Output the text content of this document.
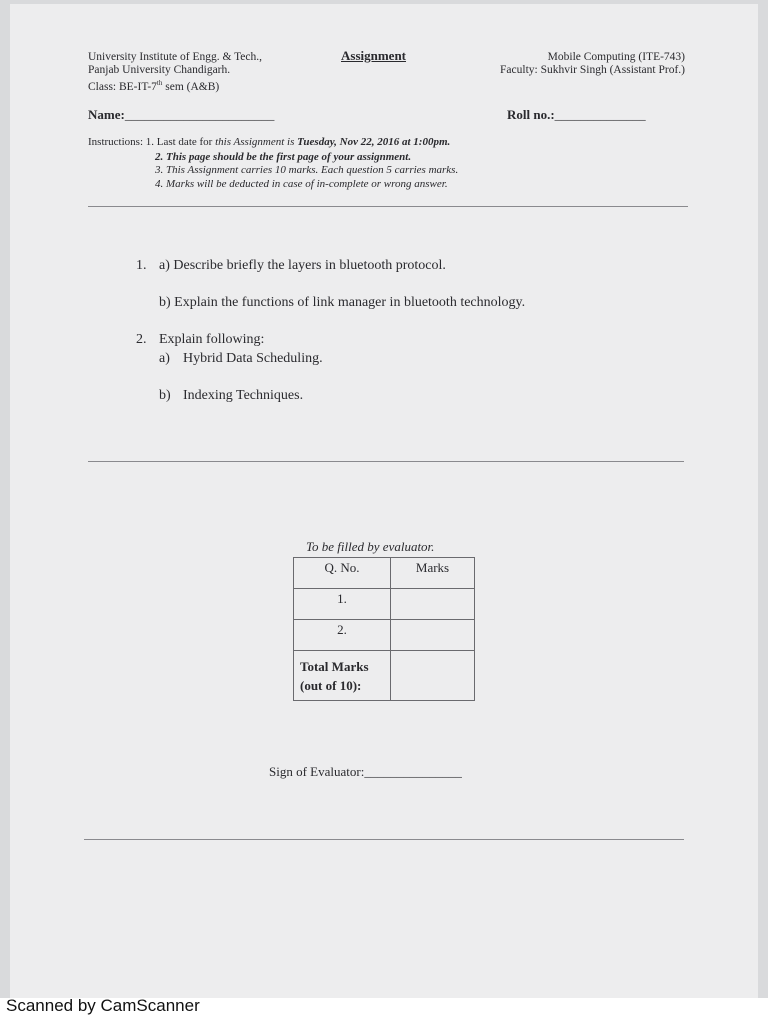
University Institute of Engg. & Tech.,
Panjab University Chandigarh.
Class: BE-IT-7th sem (A&B)
Assignment	Mobile Computing (ITE-743)
Faculty: Sukhvir Singh (Assistant Prof.)
Name:_______________________	Roll no.:______________
Instructions: 1. Last date for this Assignment is Tuesday, Nov 22, 2016 at 1:00pm.
2. This page should be the first page of your assignment.
3. This Assignment carries 10 marks. Each question 5 carries marks.
4. Marks will be deducted in case of in-complete or wrong answer.
1. a) Describe briefly the layers in bluetooth protocol.
b) Explain the functions of link manager in bluetooth technology.
2. Explain following:
a) Hybrid Data Scheduling.
b) Indexing Techniques.
To be filled by evaluator.
Q. No.	Marks
1.	
2.	

Total Marks
(out of 10):	

Sign of Evaluator:_______________
Scanned by CamScanner
